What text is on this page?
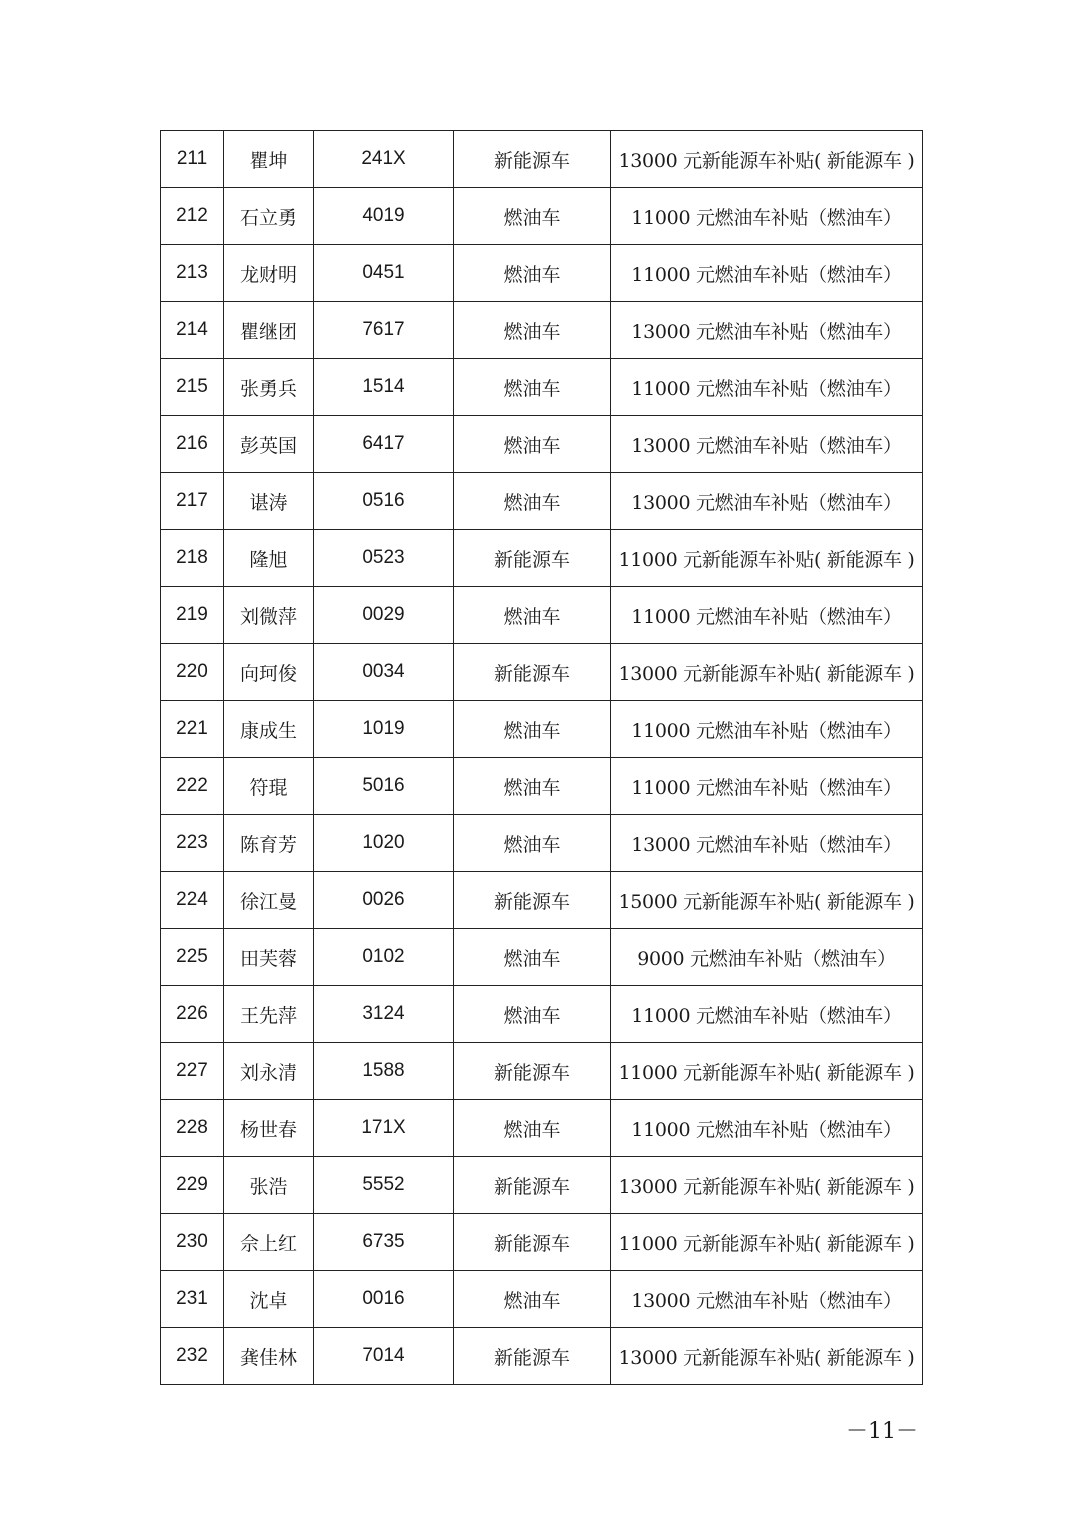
211	瞿坤	241X	新能源车	13000 元新能源车补贴( 新能源车 )
212	石立勇	4019	燃油车	11000 元燃油车补贴（燃油车）
213	龙财明	0451	燃油车	11000 元燃油车补贴（燃油车）
214	瞿继团	7617	燃油车	13000 元燃油车补贴（燃油车）
215	张勇兵	1514	燃油车	11000 元燃油车补贴（燃油车）
216	彭英国	6417	燃油车	13000 元燃油车补贴（燃油车）
217	谌涛	0516	燃油车	13000 元燃油车补贴（燃油车）
218	隆旭	0523	新能源车	11000 元新能源车补贴( 新能源车 )
219	刘微萍	0029	燃油车	11000 元燃油车补贴（燃油车）
220	向珂俊	0034	新能源车	13000 元新能源车补贴( 新能源车 )
221	康成生	1019	燃油车	11000 元燃油车补贴（燃油车）
222	符琨	5016	燃油车	11000 元燃油车补贴（燃油车）
223	陈育芳	1020	燃油车	13000 元燃油车补贴（燃油车）
224	徐江曼	0026	新能源车	15000 元新能源车补贴( 新能源车 )
225	田芙蓉	0102	燃油车	9000 元燃油车补贴（燃油车）
226	王先萍	3124	燃油车	11000 元燃油车补贴（燃油车）
227	刘永清	1588	新能源车	11000 元新能源车补贴( 新能源车 )
228	杨世春	171X	燃油车	11000 元燃油车补贴（燃油车）
229	张浩	5552	新能源车	13000 元新能源车补贴( 新能源车 )
230	佘上红	6735	新能源车	11000 元新能源车补贴( 新能源车 )
231	沈卓	0016	燃油车	13000 元燃油车补贴（燃油车）
232	龚佳林	7014	新能源车	13000 元新能源车补贴( 新能源车 )
－11－
